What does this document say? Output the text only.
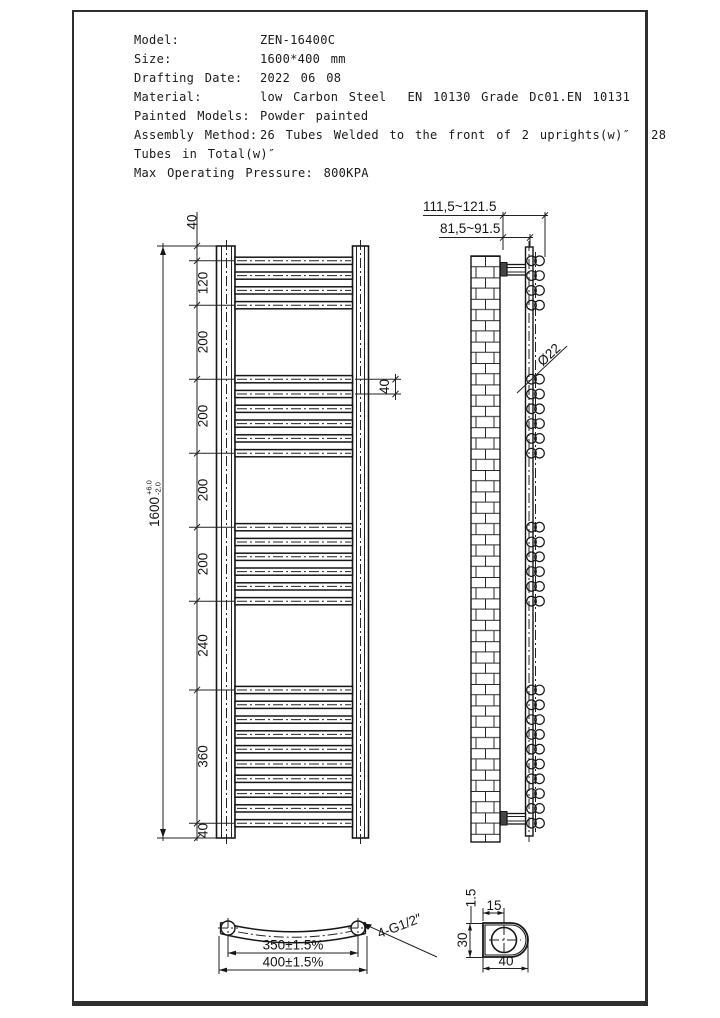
Model:

	ZEN-16400C

Size:

	1600*400 mm

Drafting Date:

2022 06 08

Material:

	low Carbon Steel  EN 10130 Grade Dc01.EN 10131

Painted Models:

Powder painted

Assembly Method:

26 Tubes Welded to the front of 2 uprights(w)″  28

Tubes in Total(w)″

Max Operating Pressure: 800KPA

1600
+6.0 -2.0
40
120
200
200
200
200
240
360
40
40
111,5~121.5
81,5~91.5
Ø22
350±1.5%
400±1.5%
4-G1/2″
1.5 15
30
40
